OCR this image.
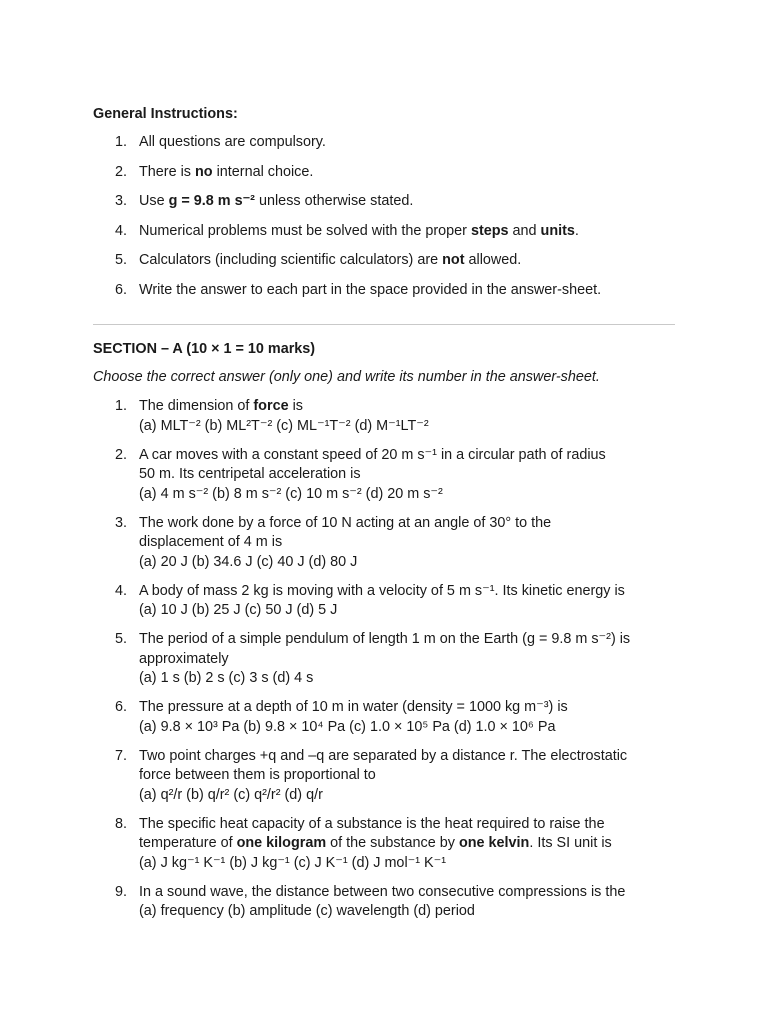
General Instructions:

1. All questions are compulsory.
2. There is no internal choice.
3. Use g = 9.8 m s⁻² unless otherwise stated.
4. Numerical problems must be solved with the proper steps and units.
5. Calculators (including scientific calculators) are not allowed.
6. Write the answer to each part in the space provided in the answer-sheet.

SECTION – A (10 × 1 = 10 marks)

Choose the correct answer (only one) and write its number in the answer-sheet.

1. The dimension of force is
(a) MLT⁻² (b) ML²T⁻² (c) ML⁻¹T⁻² (d) M⁻¹LT⁻²
2. A car moves with a constant speed of 20 m s⁻¹ in a circular path of radius
50 m. Its centripetal acceleration is
(a) 4 m s⁻² (b) 8 m s⁻² (c) 10 m s⁻² (d) 20 m s⁻²
3. The work done by a force of 10 N acting at an angle of 30° to the
displacement of 4 m is
(a) 20 J (b) 34.6 J (c) 40 J (d) 80 J
4. A body of mass 2 kg is moving with a velocity of 5 m s⁻¹. Its kinetic energy is
(a) 10 J (b) 25 J (c) 50 J (d) 5 J
5. The period of a simple pendulum of length 1 m on the Earth (g = 9.8 m s⁻²) is
approximately
(a) 1 s (b) 2 s (c) 3 s (d) 4 s
6. The pressure at a depth of 10 m in water (density = 1000 kg m⁻³) is
(a) 9.8 × 10³ Pa (b) 9.8 × 10⁴ Pa (c) 1.0 × 10⁵ Pa (d) 1.0 × 10⁶ Pa
7. Two point charges +q and –q are separated by a distance r. The electrostatic
force between them is proportional to
(a) q²/r (b) q/r² (c) q²/r² (d) q/r
8. The specific heat capacity of a substance is the heat required to raise the
temperature of one kilogram of the substance by one kelvin. Its SI unit is
(a) J kg⁻¹ K⁻¹ (b) J kg⁻¹ (c) J K⁻¹ (d) J mol⁻¹ K⁻¹
9. In a sound wave, the distance between two consecutive compressions is the
(a) frequency (b) amplitude (c) wavelength (d) period
